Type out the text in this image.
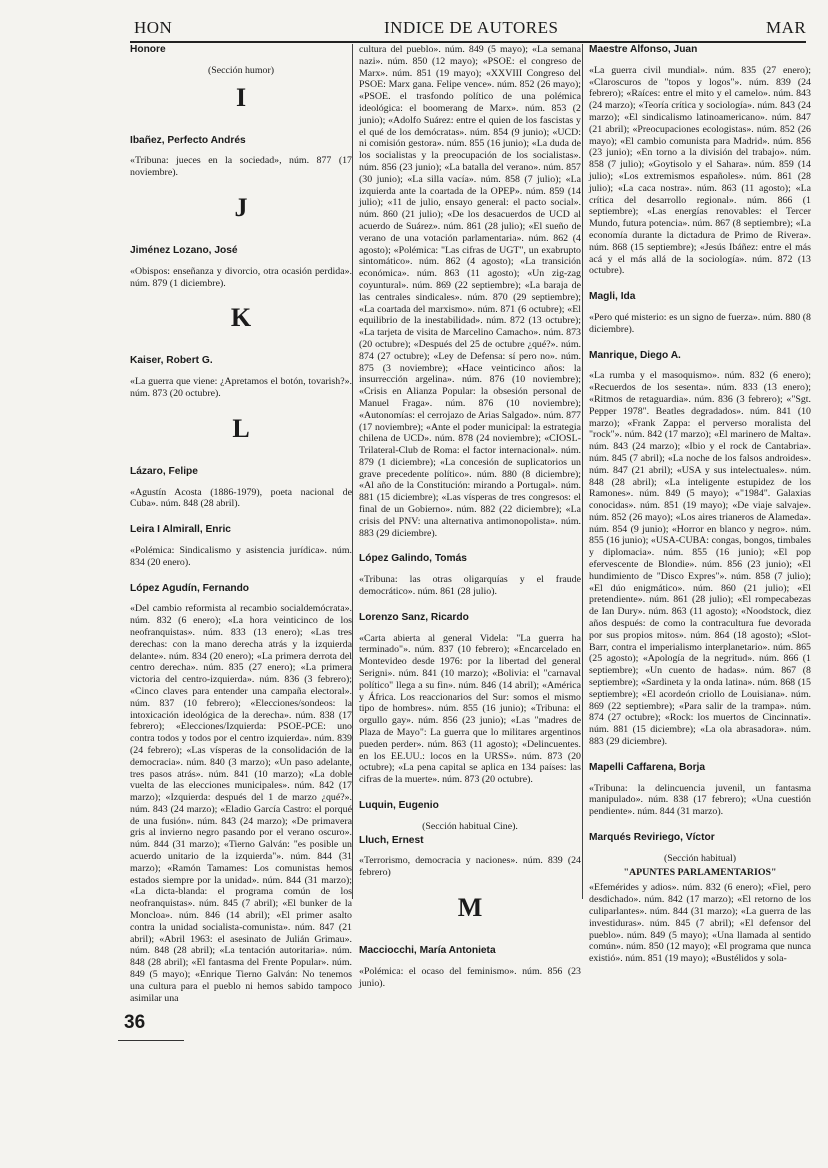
HON	INDICE DE AUTORES	MAR
Honore
(Sección humor)
I
Ibañez, Perfecto Andrés
«Tribuna: jueces en la sociedad», núm. 877 (17 noviembre).
J
Jiménez Lozano, José
«Obispos: enseñanza y divorcio, otra ocasión perdida». núm. 879 (1 diciembre).
K
Kaiser, Robert G.
«La guerra que viene: ¿Apretamos el botón, tovarish?». núm. 873 (20 octubre).
L
Lázaro, Felipe
«Agustín Acosta (1886-1979), poeta nacional de Cuba». núm. 848 (28 abril).
Leira I Almirall, Enric
«Polémica: Sindicalismo y asistencia jurídica». núm. 834 (20 enero).
López Agudín, Fernando
«Del cambio reformista al recambio socialdemócrata». núm. 832 (6 enero); «La hora veinticinco de los neofranquistas». núm. 833 (13 enero); «Las tres derechas: con la mano derecha atrás y la izquierda delante». núm. 834 (20 enero); «La primera derrota del centro derecha». núm. 835 (27 enero); «La primera victoria del centro-izquierda». núm. 836 (3 febrero); «Cinco claves para entender una campaña electoral». núm. 837 (10 febrero); «Elecciones/sondeos: la intoxicación ideológica de la derecha». núm. 838 (17 febrero); «Elecciones/Izquierda: PSOE-PCE: uno contra todos y todos por el centro izquierda». núm. 839 (24 febrero); «Las vísperas de la consolidación de la democracia». núm. 840 (3 marzo); «Un paso adelante, tres pasos atrás». núm. 841 (10 marzo); «La doble vuelta de las elecciones municipales». núm. 842 (17 marzo); «Izquierda: después del 1 de marzo ¿qué?». núm. 843 (24 marzo); «Eladio García Castro: el porqué de una fusión». núm. 843 (24 marzo); «De primavera gris al invierno negro pasando por el verano oscuro». núm. 844 (31 marzo); «Tierno Galván: "es posible un acuerdo unitario de la izquierda"». núm. 844 (31 marzo); «Ramón Tamames: Los comunistas hemos estados siempre por la unidad». núm. 844 (31 marzo); «La dicta-blanda: el programa común de los neofranquistas». núm. 845 (7 abril); «El bunker de la Moncloa». núm. 846 (14 abril); «El primer asalto contra la unidad socialista-comunista». núm. 847 (21 abril); «Abril 1963: el asesinato de Julián Grimau». núm. 848 (28 abril); «La tentación autoritaria». núm. 848 (28 abril); «El fantasma del Frente Popular». núm. 849 (5 mayo); «Enrique Tierno Galván: No tenemos una cultura para el pueblo ni hemos sabido tampoco asimilar una
cultura del pueblo». núm. 849 (5 mayo); «La semana nazi». núm. 850 (12 mayo); «PSOE: el congreso de Marx». núm. 851 (19 mayo); «XXVIII Congreso del PSOE: Marx gana. Felipe vence». núm. 852 (26 mayo); «PSOE. el trasfondo político de una polémica ideológica: el boomerang de Marx». núm. 853 (2 junio); «Adolfo Suárez: entre el quien de los fascistas y el qué de los demócratas». núm. 854 (9 junio); «UCD: ni comisión gestora». núm. 855 (16 junio); «La duda de los socialistas y la preocupación de los socialistas». núm. 856 (23 junio); «La batalla del verano». núm. 857 (30 junio); «La silla vacía». núm. 858 (7 julio); «La izquierda ante la coartada de la OPEP». núm. 859 (14 julio); «11 de julio, ensayo general: el pacto social». núm. 860 (21 julio); «De los desacuerdos de UCD al acuerdo de Suárez». núm. 861 (28 julio); «El sueño de verano de una votación parlamentaria». núm. 862 (4 agosto); «Polémica: "Las cifras de UGT", un exabrupto sintomático». núm. 862 (4 agosto); «La transición económica». núm. 863 (11 agosto); «Un zig-zag coyuntural». núm. 869 (22 septiembre); «La baraja de las centrales sindicales». núm. 870 (29 septiembre); «La coartada del marxismo». núm. 871 (6 octubre); «El equilibrio de la inestabilidad». núm. 872 (13 octubre); «La tarjeta de visita de Marcelino Camacho». núm. 873 (20 octubre); «Después del 25 de octubre ¿qué?». núm. 874 (27 octubre); «Ley de Defensa: sí pero no». núm. 875 (3 noviembre); «Hace veinticinco años: la insurrección argelina». núm. 876 (10 noviembre); «Crisis en Alianza Popular: la obsesión personal de Manuel Fraga». núm. 876 (10 noviembre); «Autonomías: el cerrojazo de Arias Salgado». núm. 877 (17 noviembre); «Ante el poder municipal: la estrategia chilena de UCD». núm. 878 (24 noviembre); «CIOSL-Trilateral-Club de Roma: el factor internacional». núm. 879 (1 diciembre); «La concesión de suplicatorios un grave precedente político». núm. 880 (8 diciembre); «Al año de la Constitución: mirando a Portugal». núm. 881 (15 diciembre); «Las vísperas de tres congresos: el final de un Gobierno». núm. 882 (22 diciembre); «La crisis del PNV: una alternativa antimonopolista». núm. 883 (29 diciembre).
López Galindo, Tomás
«Tribuna: las otras oligarquías y el fraude democrático». núm. 861 (28 julio).
Lorenzo Sanz, Ricardo
«Carta abierta al general Videla: "La guerra ha terminado"». núm. 837 (10 febrero); «Encarcelado en Montevideo desde 1976: por la libertad del general Serigni». núm. 841 (10 marzo); «Bolivia: el "carnaval político" llega a su fin». núm. 846 (14 abril); «América y África. Los reaccionarios del Sur: somos el mismo tipo de hombres». núm. 855 (16 junio); «Tribuna: el orgullo gay». núm. 856 (23 junio); «Las "madres de Plaza de Mayo": La guerra que lo militares argentinos pueden perder». núm. 863 (11 agosto); «Delincuentes. en los EE.UU.: locos en la URSS». núm. 873 (20 octubre); «La pena capital se aplica en 134 países: las cifras de la muerte». núm. 873 (20 octubre).
Luquin, Eugenio
(Sección habitual Cine).
Lluch, Ernest
«Terrorismo, democracia y naciones». núm. 839 (24 febrero)
M
Macciocchi, María Antonieta
«Polémica: el ocaso del feminismo». núm. 856 (23 junio).
Maestre Alfonso, Juan
«La guerra civil mundial». núm. 835 (27 enero); «Claroscuros de "topos y logos"». núm. 839 (24 febrero); «Raíces: entre el mito y el camelo». núm. 843 (24 marzo); «Teoría crítica y sociología». núm. 843 (24 marzo); «El sindicalismo latinoamericano». núm. 847 (21 abril); «Preocupaciones ecologistas». núm. 852 (26 mayo); «El cambio comunista para Madrid». núm. 856 (23 junio); «En torno a la división del trabajo». núm. 858 (7 julio); «Goytisolo y el Sahara». núm. 859 (14 julio); «Los extremismos españoles». núm. 861 (28 julio); «La caca nostra». núm. 863 (11 agosto); «La crítica del desarrollo regional». núm. 866 (1 septiembre); «Las energías renovables: el Tercer Mundo, futura potencia». núm. 867 (8 septiembre); «La economía durante la dictadura de Primo de Rivera». núm. 868 (15 septiembre); «Jesús Ibáñez: entre el más acá y el más allá de la sociología». núm. 872 (13 octubre).
Magli, Ida
«Pero qué misterio: es un signo de fuerza». núm. 880 (8 diciembre).
Manrique, Diego A.
«La rumba y el masoquismo». núm. 832 (6 enero); «Recuerdos de los sesenta». núm. 833 (13 enero); «Ritmos de retaguardia». núm. 836 (3 febrero); «"Sgt. Pepper 1978". Beatles degradados». núm. 841 (10 marzo); «Frank Zappa: el perverso moralista del "rock"». núm. 842 (17 marzo); «El marinero de Malta». núm. 843 (24 marzo); «Ibio y el rock de Cantabria». núm. 845 (7 abril); «La noche de los falsos androides». núm. 847 (21 abril); «USA y sus intelectuales». núm. 848 (28 abril); «La inteligente estupidez de los Ramones». núm. 849 (5 mayo); «"1984". Galaxias conocidas». núm. 851 (19 mayo); «De viaje salvaje». núm. 852 (26 mayo); «Los aires trianeros de Alameda». núm. 854 (9 junio); «Horror en blanco y negro». núm. 855 (16 junio); «USA-CUBA: congas, bongos, timbales y diplomacia». núm. 855 (16 junio); «El pop efervescente de Blondie». núm. 856 (23 junio); «El hundimiento de "Disco Expres"». núm. 858 (7 julio); «El dúo enigmático». núm. 860 (21 julio); «El pretendiente». núm. 861 (28 julio); «El rompecabezas de Ian Dury». núm. 863 (11 agosto); «Noodstock, diez años después: de como la contracultura fue devorada por sus propios mitos». núm. 864 (18 agosto); «Slot-Barr, contra el imperialismo interplanetario». núm. 865 (25 agosto); «Apología de la negritud». núm. 866 (1 septiembre); «Un cuento de hadas». núm. 867 (8 septiembre); «Sardineta y la onda latina». núm. 868 (15 septiembre); «El acordeón criollo de Louisiana». núm. 869 (22 septiembre); «Para salir de la trampa». núm. 874 (27 octubre); «Rock: los muertos de Cincinnati». núm. 881 (15 diciembre); «La ola abrasadora». núm. 883 (29 diciembre).
Mapelli Caffarena, Borja
«Tribuna: la delincuencia juvenil, un fantasma manipulado». núm. 838 (17 febrero); «Una cuestión pendiente». núm. 844 (31 marzo).
Marqués Reviriego, Víctor
(Sección habitual)
"APUNTES PARLAMENTARIOS"
«Efemérides y adios». núm. 832 (6 enero); «Fiel, pero desdichado». núm. 842 (17 marzo); «El retorno de los culiparlantes». núm. 844 (31 marzo); «La guerra de las investiduras». núm. 845 (7 abril); «El defensor del pueblo». núm. 849 (5 mayo); «Una llamada al sentido común». núm. 850 (12 mayo); «El programa que nunca existió». núm. 851 (19 mayo); «Bustélidos y sola-
36
